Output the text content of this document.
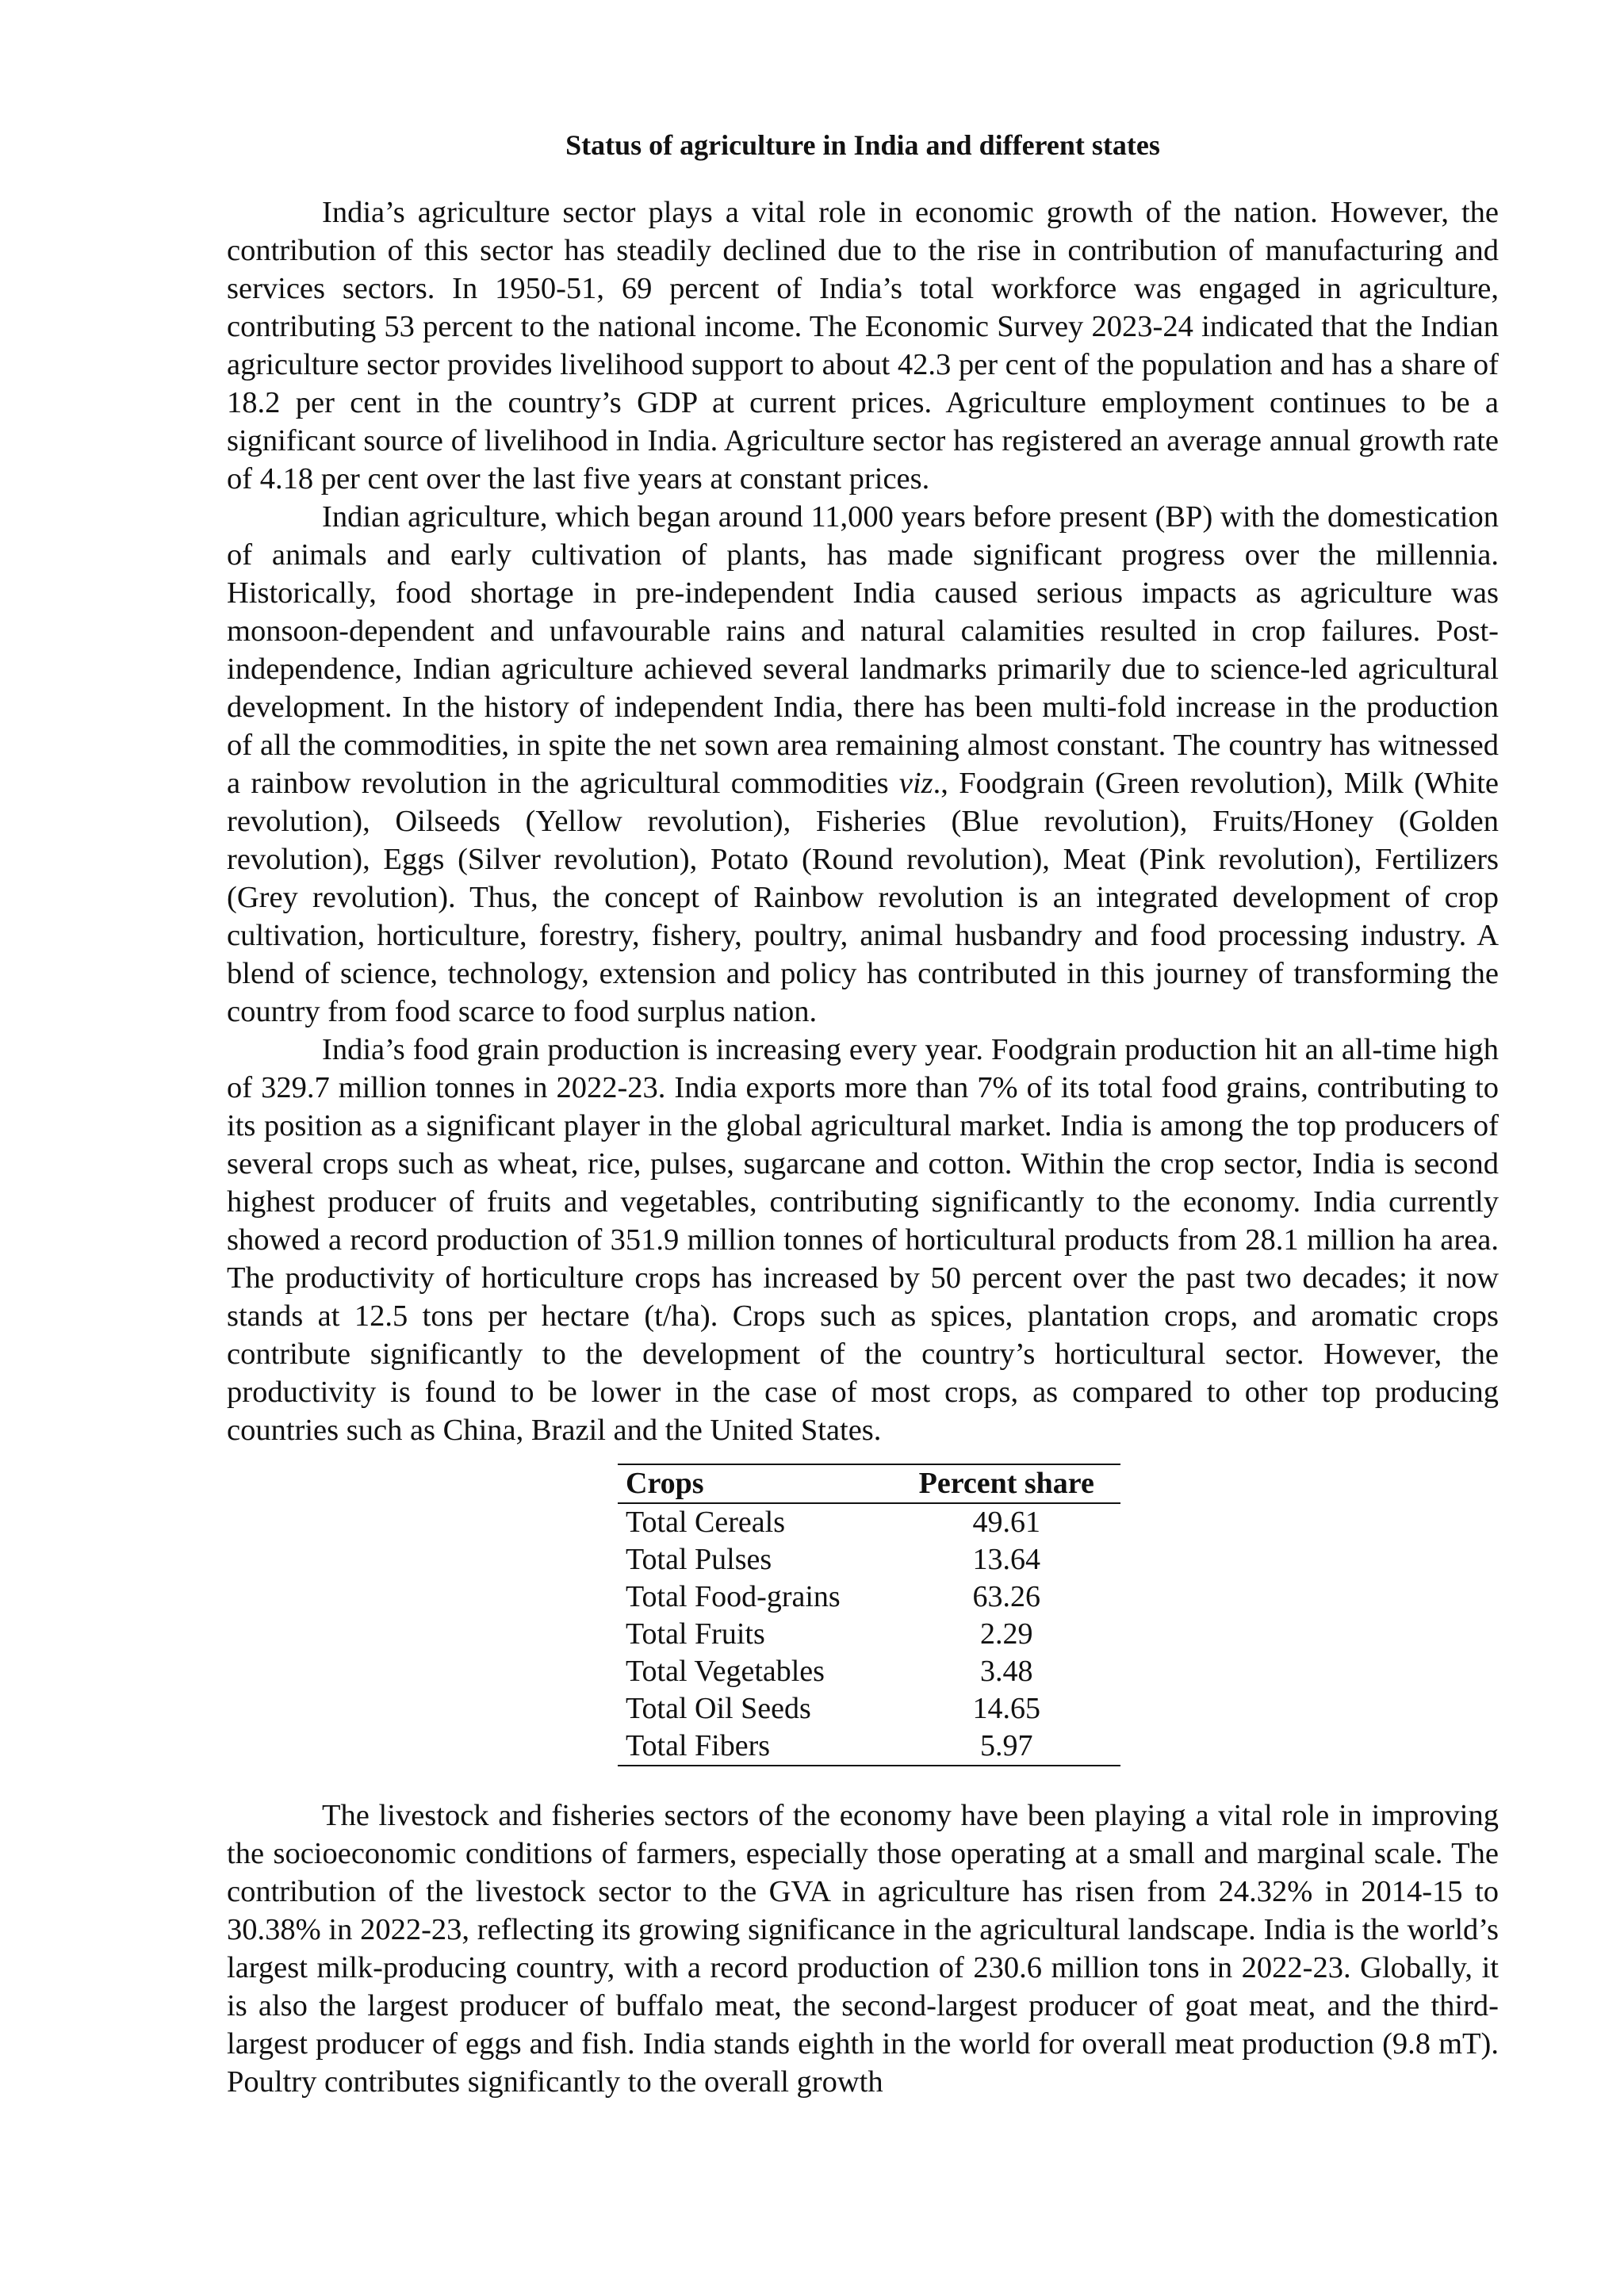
Status of agriculture in India and different states

India’s agriculture sector plays a vital role in economic growth of the nation. However, the contribution of this sector has steadily declined due to the rise in contribution of manufacturing and services sectors. In 1950-51, 69 percent of India’s total workforce was engaged in agriculture, contributing 53 percent to the national income. The Economic Survey 2023-24 indicated that the Indian agriculture sector provides livelihood support to about 42.3 per cent of the population and has a share of 18.2 per cent in the country’s GDP at current prices. Agriculture employment continues to be a significant source of livelihood in India. Agriculture sector has registered an average annual growth rate of 4.18 per cent over the last five years at constant prices.

Indian agriculture, which began around 11,000 years before present (BP) with the domestication of animals and early cultivation of plants, has made significant progress over the millennia. Historically, food shortage in pre-independent India caused serious impacts as agriculture was monsoon-dependent and unfavourable rains and natural calamities resulted in crop failures. Post-independence, Indian agriculture achieved several landmarks primarily due to science-led agricultural development. In the history of independent India, there has been multi-fold increase in the production of all the commodities, in spite the net sown area remaining almost constant. The country has witnessed a rainbow revolution in the agricultural commodities viz., Foodgrain (Green revolution), Milk (White revolution), Oilseeds (Yellow revolution), Fisheries (Blue revolution), Fruits/Honey (Golden revolution), Eggs (Silver revolution), Potato (Round revolution), Meat (Pink revolution), Fertilizers (Grey revolution). Thus, the concept of Rainbow revolution is an integrated development of crop cultivation, horticulture, forestry, fishery, poultry, animal husbandry and food processing industry. A blend of science, technology, extension and policy has contributed in this journey of transforming the country from food scarce to food surplus nation.

India’s food grain production is increasing every year. Foodgrain production hit an all-time high of 329.7 million tonnes in 2022-23. India exports more than 7% of its total food grains, contributing to its position as a significant player in the global agricultural market. India is among the top producers of several crops such as wheat, rice, pulses, sugarcane and cotton. Within the crop sector, India is second highest producer of fruits and vegetables, contributing significantly to the economy. India currently showed a record production of 351.9 million tonnes of horticultural products from 28.1 million ha area. The productivity of horticulture crops has increased by 50 percent over the past two decades; it now stands at 12.5 tons per hectare (t/ha). Crops such as spices, plantation crops, and aromatic crops contribute significantly to the development of the country’s horticultural sector. However, the productivity is found to be lower in the case of most crops, as compared to other top producing countries such as China, Brazil and the United States.

Crops	Percent share
Total Cereals	49.61
Total Pulses	13.64
Total Food-grains	63.26
Total Fruits	2.29
Total Vegetables	3.48
Total Oil Seeds	14.65
Total Fibers	5.97

The livestock and fisheries sectors of the economy have been playing a vital role in improving the socioeconomic conditions of farmers, especially those operating at a small and marginal scale. The contribution of the livestock sector to the GVA in agriculture has risen from 24.32% in 2014-15 to 30.38% in 2022-23, reflecting its growing significance in the agricultural landscape. India is the world’s largest milk-producing country, with a record production of 230.6 million tons in 2022-23. Globally, it is also the largest producer of buffalo meat, the second-largest producer of goat meat, and the third-largest producer of eggs and fish. India stands eighth in the world for overall meat production (9.8 mT). Poultry contributes significantly to the overall growth
